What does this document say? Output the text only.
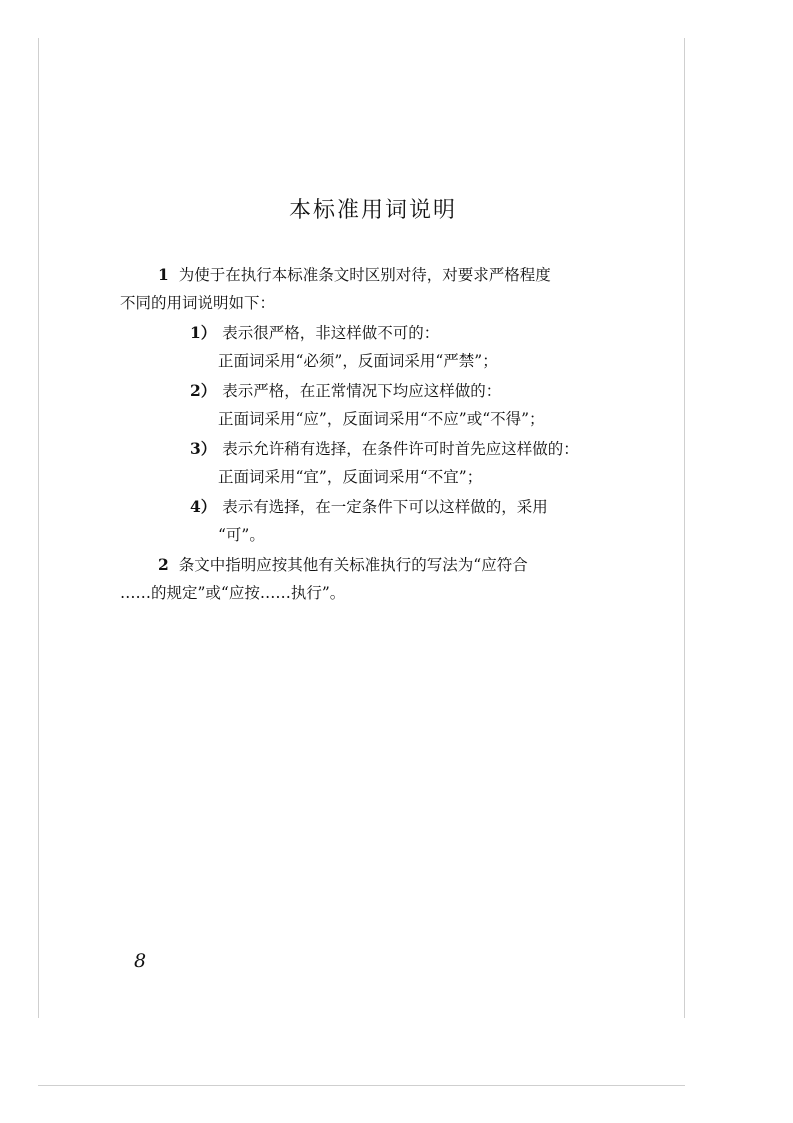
本标准用词说明
1 为使于在执行本标准条文时区别对待，对要求严格程度
不同的用词说明如下：
1） 表示很严格，非这样做不可的：
正面词采用“必须”，反面词采用“严禁”；
2） 表示严格，在正常情况下均应这样做的：
正面词采用“应”，反面词采用“不应”或“不得”；
3） 表示允许稍有选择，在条件许可时首先应这样做的：
正面词采用“宜”，反面词采用“不宜”；
4） 表示有选择，在一定条件下可以这样做的，采用
“可”。
2 条文中指明应按其他有关标准执行的写法为“应符合
……的规定”或“应按……执行”。
8
